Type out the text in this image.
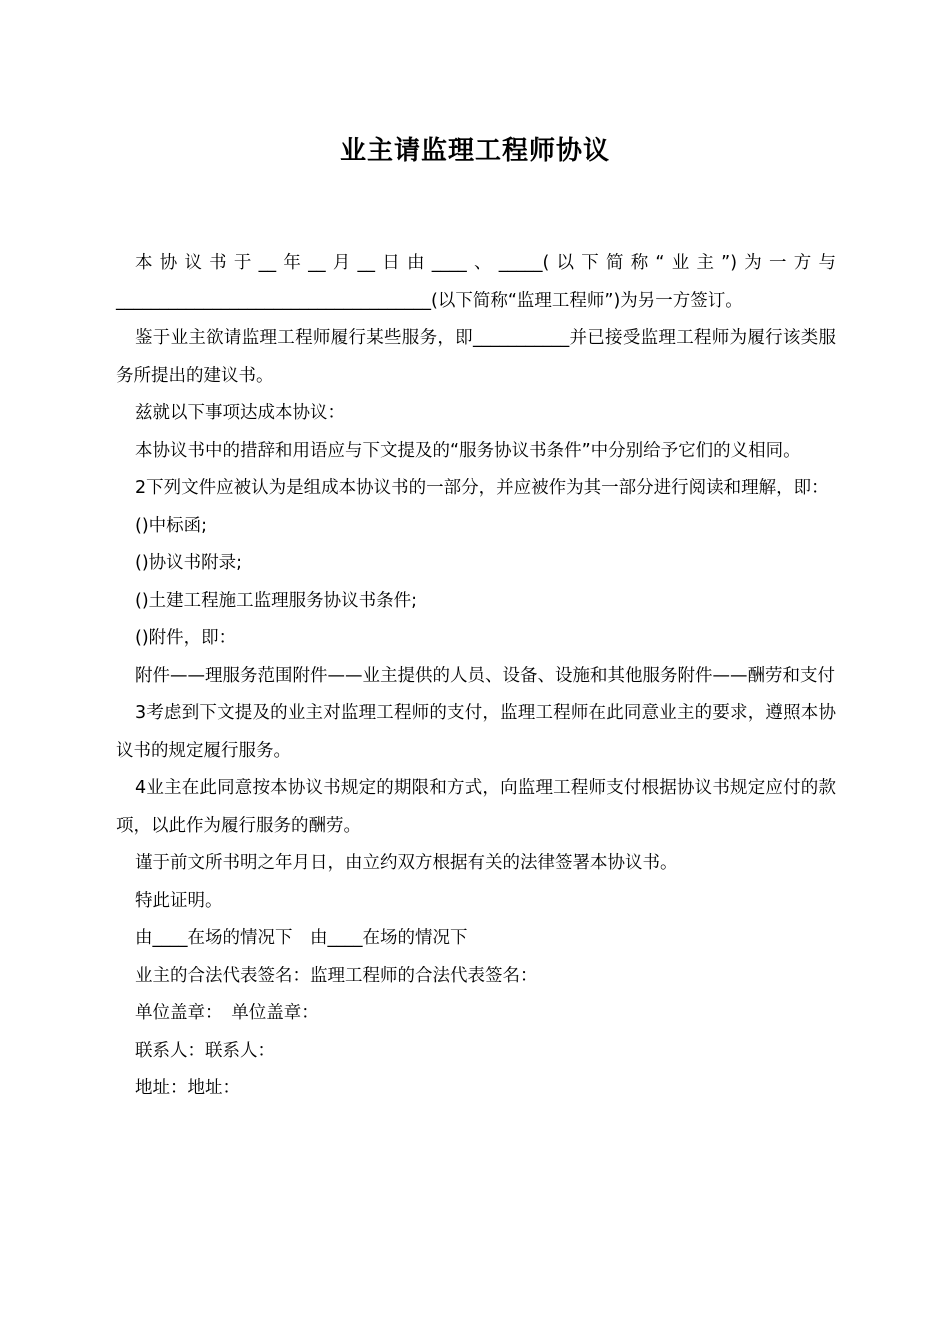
业主请监理工程师协议

本协议书于__年__月__日由____、_____(以下简称“业主”)为一方与____________________________________(以下简称“监理工程师”)为另一方签订。

鉴于业主欲请监理工程师履行某些服务，即___________并已接受监理工程师为履行该类服务所提出的建议书。

兹就以下事项达成本协议：

本协议书中的措辞和用语应与下文提及的“服务协议书条件”中分别给予它们的义相同。

2下列文件应被认为是组成本协议书的一部分，并应被作为其一部分进行阅读和理解，即：

()中标函;

()协议书附录;

()土建工程施工监理服务协议书条件;

()附件，即：

附件——理服务范围附件——业主提供的人员、设备、设施和其他服务附件——酬劳和支付

3考虑到下文提及的业主对监理工程师的支付，监理工程师在此同意业主的要求，遵照本协议书的规定履行服务。

4业主在此同意按本协议书规定的期限和方式，向监理工程师支付根据协议书规定应付的款项，以此作为履行服务的酬劳。

谨于前文所书明之年月日，由立约双方根据有关的法律签署本协议书。

特此证明。

由____在场的情况下　由____在场的情况下

业主的合法代表签名：监理工程师的合法代表签名：

单位盖章：　单位盖章：

联系人：联系人：

地址：地址：
